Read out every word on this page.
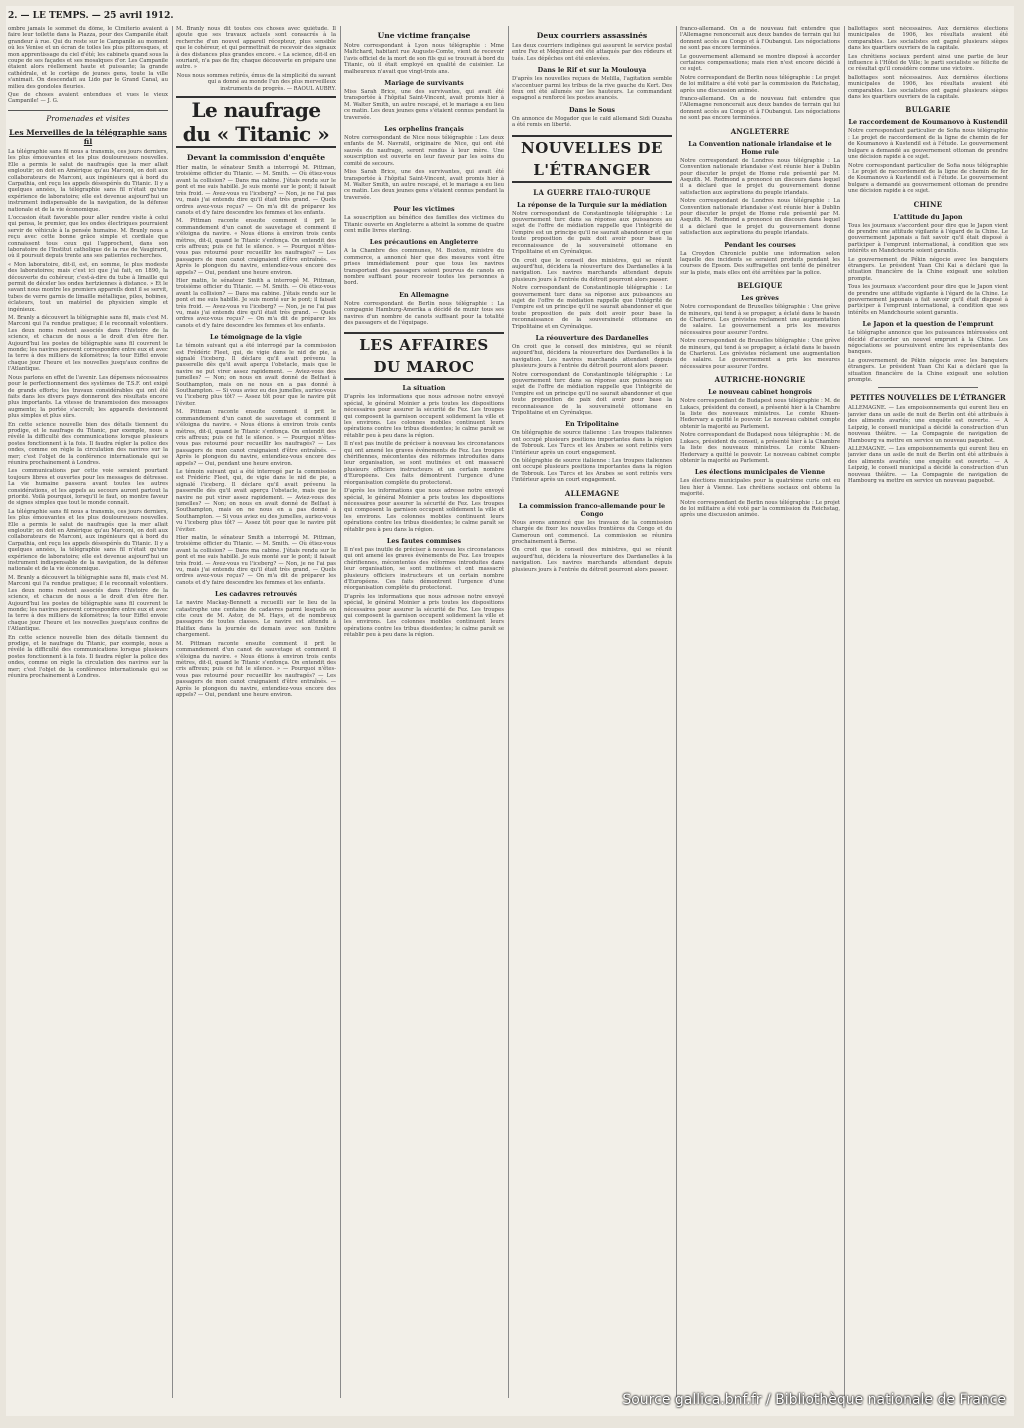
2. — LE TEMPS. — 25 avril 1912.

ombre jamais le sommet du dôme, le Cimiterio avaient à faire leur toilette dans la Piazza, pour des Campanile était grandeur à rue. Qui du reste sur le Campanile au moment où les Venise et un écran de toiles les plus pittoresques, et mon apprentissage du ciel d'été; les cabinets quand sous la coupe de ses façades et ses mosaïques d'or. Les Campanile étaient alors réellement haute et puissante; la grande cathédrale, et le cortège de jeunes gens, toute la ville s'animait. On descendait au Lido par le Grand Canal, au milieu des gondoles fleuries.

Que de choses avaient entendues et vues le vieux Campanile! — J. G.

Promenades et visites
Les Merveilles de la télégraphie sans fil

La télégraphie sans fil nous a transmis, ces jours derniers, les plus émouvantes et les plus douloureuses nouvelles. Elle a permis le salut de naufragés que la mer allait engloutir; on doit en Amérique qu'au Marconi, on doit aux collaborateurs de Marconi, aux ingénieurs qui à bord du Carpathia, ont reçu les appels désespérés du Titanic. Il y a quelques années, la télégraphie sans fil n'était qu'une expérience de laboratoire; elle est devenue aujourd'hui un instrument indispensable de la navigation, de la défense nationale et de la vie économique.

L'occasion était favorable pour aller rendre visite à celui qui pensa, le premier, que les ondes électriques pourraient servir de véhicule à la pensée humaine. M. Branly nous a reçu avec cette bonne grâce simple et cordiale que connaissent tous ceux qui l'approchent, dans son laboratoire de l'Institut catholique de la rue de Vaugirard, où il poursuit depuis trente ans ses patientes recherches.

« Mon laboratoire, dit-il, est, en somme, le plus modeste des laboratoires; mais c'est ici que j'ai fait, en 1890, la découverte du cohéreur, c'est-à-dire du tube à limaille qui permit de déceler les ondes hertziennes à distance. » Et le savant nous montre les premiers appareils dont il se servit, tubes de verre garnis de limaille métallique, piles, bobines, éclateurs, tout un matériel de physicien simple et ingénieux.

M. Branly a découvert la télégraphie sans fil, mais c'est M. Marconi qui l'a rendue pratique; il le reconnaît volontiers. Les deux noms restent associés dans l'histoire de la science, et chacun de nous a le droit d'en être fier. Aujourd'hui les postes de télégraphie sans fil couvrent le monde; les navires peuvent correspondre entre eux et avec la terre à des milliers de kilomètres; la tour Eiffel envoie chaque jour l'heure et les nouvelles jusqu'aux confins de l'Atlantique.

Nous parlons en effet de l'avenir. Les dépenses nécessaires pour le perfectionnement des systèmes de T.S.F. ont exigé de grands efforts; les travaux considérables qui ont été faits dans les divers pays donneront des résultats encore plus importants. La vitesse de transmission des messages augmente; la portée s'accroît; les appareils deviennent plus simples et plus sûrs.

En cette science nouvelle bien des détails tiennent du prodige, et le naufrage du Titanic, par exemple, nous a révélé la difficulté des communications lorsque plusieurs postes fonctionnent à la fois. Il faudra régler la police des ondes, comme on règle la circulation des navires sur la mer; c'est l'objet de la conférence internationale qui se réunira prochainement à Londres.

Les communications par cette voie seraient pourtant toujours libres et ouvertes pour les messages de détresse. La vie humaine passera avant toutes les autres considérations, et les appels au secours auront partout la priorité. Voilà pourquoi, lorsqu'il le faut, on montre faveur de signes simples que tout le monde connaît.

La télégraphie sans fil nous a transmis, ces jours derniers, les plus émouvantes et les plus douloureuses nouvelles. Elle a permis le salut de naufragés que la mer allait engloutir; on doit en Amérique qu'au Marconi, on doit aux collaborateurs de Marconi, aux ingénieurs qui à bord du Carpathia, ont reçu les appels désespérés du Titanic. Il y a quelques années, la télégraphie sans fil n'était qu'une expérience de laboratoire; elle est devenue aujourd'hui un instrument indispensable de la navigation, de la défense nationale et de la vie économique.

M. Branly a découvert la télégraphie sans fil, mais c'est M. Marconi qui l'a rendue pratique; il le reconnaît volontiers. Les deux noms restent associés dans l'histoire de la science, et chacun de nous a le droit d'en être fier. Aujourd'hui les postes de télégraphie sans fil couvrent le monde; les navires peuvent correspondre entre eux et avec la terre à des milliers de kilomètres; la tour Eiffel envoie chaque jour l'heure et les nouvelles jusqu'aux confins de l'Atlantique.

En cette science nouvelle bien des détails tiennent du prodige, et le naufrage du Titanic, par exemple, nous a révélé la difficulté des communications lorsque plusieurs postes fonctionnent à la fois. Il faudra régler la police des ondes, comme on règle la circulation des navires sur la mer; c'est l'objet de la conférence internationale qui se réunira prochainement à Londres.

M. Branly nous dit toutes ces choses avec quiétude. Il ajoute que ses travaux actuels sont consacrés à la recherche d'un nouvel appareil récepteur, plus sensible que le cohéreur, et qui permettrait de recevoir des signaux à des distances plus grandes encore. « La science, dit-il en souriant, n'a pas de fin; chaque découverte en prépare une autre. »

Nous nous sommes retirés, émus de la simplicité du savant qui a donné au monde l'un des plus merveilleux instruments de progrès. — RAOUL AUBRY.

Le naufrage du « Titanic »
Devant la commission d'enquête

Hier matin, le sénateur Smith a interrogé M. Pittman, troisième officier du Titanic. — M. Smith. — Où étiez-vous avant la collision? — Dans ma cabine. J'étais rendu sur le pont et me suis habillé. Je suis monté sur le pont; il faisait très froid. — Avez-vous vu l'iceberg? — Non, je ne l'ai pas vu, mais j'ai entendu dire qu'il était très grand. — Quels ordres avez-vous reçus? — On m'a dit de préparer les canots et d'y faire descendre les femmes et les enfants.

M. Pittman raconte ensuite comment il prit le commandement d'un canot de sauvetage et comment il s'éloigna du navire. « Nous étions à environ trois cents mètres, dit-il, quand le Titanic s'enfonça. On entendit des cris affreux; puis ce fut le silence. » — Pourquoi n'êtes-vous pas retourné pour recueillir les naufragés? — Les passagers de mon canot craignaient d'être entraînés. — Après le plongeon du navire, entendiez-vous encore des appels? — Oui, pendant une heure environ.

Hier matin, le sénateur Smith a interrogé M. Pittman, troisième officier du Titanic. — M. Smith. — Où étiez-vous avant la collision? — Dans ma cabine. J'étais rendu sur le pont et me suis habillé. Je suis monté sur le pont; il faisait très froid. — Avez-vous vu l'iceberg? — Non, je ne l'ai pas vu, mais j'ai entendu dire qu'il était très grand. — Quels ordres avez-vous reçus? — On m'a dit de préparer les canots et d'y faire descendre les femmes et les enfants.

Le témoignage de la vigie

Le témoin suivant qui a été interrogé par la commission est Frédéric Fleet, qui, de vigie dans le nid de pie, a signalé l'iceberg. Il déclare qu'il avait prévenu la passerelle dès qu'il avait aperçu l'obstacle, mais que le navire ne put virer assez rapidement. — Aviez-vous des jumelles? — Non; on nous en avait donné de Belfast à Southampton, mais on ne nous en a pas donné à Southampton. — Si vous aviez eu des jumelles, auriez-vous vu l'iceberg plus tôt? — Assez tôt pour que le navire pût l'éviter.

M. Pittman raconte ensuite comment il prit le commandement d'un canot de sauvetage et comment il s'éloigna du navire. « Nous étions à environ trois cents mètres, dit-il, quand le Titanic s'enfonça. On entendit des cris affreux; puis ce fut le silence. » — Pourquoi n'êtes-vous pas retourné pour recueillir les naufragés? — Les passagers de mon canot craignaient d'être entraînés. — Après le plongeon du navire, entendiez-vous encore des appels? — Oui, pendant une heure environ.

Le témoin suivant qui a été interrogé par la commission est Frédéric Fleet, qui, de vigie dans le nid de pie, a signalé l'iceberg. Il déclare qu'il avait prévenu la passerelle dès qu'il avait aperçu l'obstacle, mais que le navire ne put virer assez rapidement. — Aviez-vous des jumelles? — Non; on nous en avait donné de Belfast à Southampton, mais on ne nous en a pas donné à Southampton. — Si vous aviez eu des jumelles, auriez-vous vu l'iceberg plus tôt? — Assez tôt pour que le navire pût l'éviter.

Hier matin, le sénateur Smith a interrogé M. Pittman, troisième officier du Titanic. — M. Smith. — Où étiez-vous avant la collision? — Dans ma cabine. J'étais rendu sur le pont et me suis habillé. Je suis monté sur le pont; il faisait très froid. — Avez-vous vu l'iceberg? — Non, je ne l'ai pas vu, mais j'ai entendu dire qu'il était très grand. — Quels ordres avez-vous reçus? — On m'a dit de préparer les canots et d'y faire descendre les femmes et les enfants.

Les cadavres retrouvés

Le navire Mackay-Bennett a recueilli sur le lieu de la catastrophe une centaine de cadavres parmi lesquels on cite ceux de M. Astor, de M. Hays, et de nombreux passagers de toutes classes. Le navire est attendu à Halifax dans la journée de demain avec son funèbre chargement.

M. Pittman raconte ensuite comment il prit le commandement d'un canot de sauvetage et comment il s'éloigna du navire. « Nous étions à environ trois cents mètres, dit-il, quand le Titanic s'enfonça. On entendit des cris affreux; puis ce fut le silence. » — Pourquoi n'êtes-vous pas retourné pour recueillir les naufragés? — Les passagers de mon canot craignaient d'être entraînés. — Après le plongeon du navire, entendiez-vous encore des appels? — Oui, pendant une heure environ.

Une victime française

Notre correspondant à Lyon nous télégraphie : Mme Maltchard, habitant rue Auguste-Comte, vient de recevoir l'avis officiel de la mort de son fils qui se trouvait à bord du Titanic, où il était employé en qualité de cuisinier. Le malheureux n'avait que vingt-trois ans.

Mariage de survivants

Miss Sarah Brice, une des survivantes, qui avait été transportée à l'hôpital Saint-Vincent, avait promis hier à M. Walter Smith, un autre rescapé, et le mariage a eu lieu ce matin. Les deux jeunes gens s'étaient connus pendant la traversée.

Les orphelins français

Notre correspondant de Nice nous télégraphie : Les deux enfants de M. Navratil, originaire de Nice, qui ont été sauvés du naufrage, seront rendus à leur mère. Une souscription est ouverte en leur faveur par les soins du comité de secours.

Miss Sarah Brice, une des survivantes, qui avait été transportée à l'hôpital Saint-Vincent, avait promis hier à M. Walter Smith, un autre rescapé, et le mariage a eu lieu ce matin. Les deux jeunes gens s'étaient connus pendant la traversée.

Pour les victimes

La souscription au bénéfice des familles des victimes du Titanic ouverte en Angleterre a atteint la somme de quatre cent mille livres sterling.

Les précautions en Angleterre

A la Chambre des communes, M. Buxton, ministre du commerce, a annoncé hier que des mesures vont être prises immédiatement pour que tous les navires transportant des passagers soient pourvus de canots en nombre suffisant pour recevoir toutes les personnes à bord.

En Allemagne

Notre correspondant de Berlin nous télégraphie : La compagnie Hamburg-Amerika a décidé de munir tous ses navires d'un nombre de canots suffisant pour la totalité des passagers et de l'équipage.

LES AFFAIRES DU MAROC
La situation

D'après les informations que nous adresse notre envoyé spécial, le général Moinier a pris toutes les dispositions nécessaires pour assurer la sécurité de Fez. Les troupes qui composent la garnison occupent solidement la ville et les environs. Les colonnes mobiles continuent leurs opérations contre les tribus dissidentes; le calme paraît se rétablir peu à peu dans la région.

Il n'est pas inutile de préciser à nouveau les circonstances qui ont amené les graves événements de Fez. Les troupes chérifiennes, mécontentes des réformes introduites dans leur organisation, se sont mutinées et ont massacré plusieurs officiers instructeurs et un certain nombre d'Européens. Ces faits démontrent l'urgence d'une réorganisation complète du protectorat.

D'après les informations que nous adresse notre envoyé spécial, le général Moinier a pris toutes les dispositions nécessaires pour assurer la sécurité de Fez. Les troupes qui composent la garnison occupent solidement la ville et les environs. Les colonnes mobiles continuent leurs opérations contre les tribus dissidentes; le calme paraît se rétablir peu à peu dans la région.

Les fautes commises

Il n'est pas inutile de préciser à nouveau les circonstances qui ont amené les graves événements de Fez. Les troupes chérifiennes, mécontentes des réformes introduites dans leur organisation, se sont mutinées et ont massacré plusieurs officiers instructeurs et un certain nombre d'Européens. Ces faits démontrent l'urgence d'une réorganisation complète du protectorat.

D'après les informations que nous adresse notre envoyé spécial, le général Moinier a pris toutes les dispositions nécessaires pour assurer la sécurité de Fez. Les troupes qui composent la garnison occupent solidement la ville et les environs. Les colonnes mobiles continuent leurs opérations contre les tribus dissidentes; le calme paraît se rétablir peu à peu dans la région.

Deux courriers assassinés

Les deux courriers indigènes qui assurent le service postal entre Fez et Méquinez ont été attaqués par des rôdeurs et tués. Les dépêches ont été enlevées.

Dans le Rif et sur la Moulouya

D'après les nouvelles reçues de Melilla, l'agitation semble s'accentuer parmi les tribus de la rive gauche du Kert. Des feux ont été allumés sur les hauteurs. Le commandant espagnol a renforcé les postes avancés.

Dans le Sous

On annonce de Mogador que le caïd allemand Sidi Ouzaha a été remis en liberté.

NOUVELLES DE L'ÉTRANGER
LA GUERRE ITALO-TURQUE
La réponse de la Turquie sur la médiation

Notre correspondant de Constantinople télégraphie : Le gouvernement turc dans sa réponse aux puissances au sujet de l'offre de médiation rappelle que l'intégrité de l'empire est un principe qu'il ne saurait abandonner et que toute proposition de paix doit avoir pour base la reconnaissance de la souveraineté ottomane en Tripolitaine et en Cyrénaïque.

On croit que le conseil des ministres, qui se réunit aujourd'hui, décidera la réouverture des Dardanelles à la navigation. Les navires marchands attendant depuis plusieurs jours à l'entrée du détroit pourront alors passer.

Notre correspondant de Constantinople télégraphie : Le gouvernement turc dans sa réponse aux puissances au sujet de l'offre de médiation rappelle que l'intégrité de l'empire est un principe qu'il ne saurait abandonner et que toute proposition de paix doit avoir pour base la reconnaissance de la souveraineté ottomane en Tripolitaine et en Cyrénaïque.

La réouverture des Dardanelles

On croit que le conseil des ministres, qui se réunit aujourd'hui, décidera la réouverture des Dardanelles à la navigation. Les navires marchands attendant depuis plusieurs jours à l'entrée du détroit pourront alors passer.

Notre correspondant de Constantinople télégraphie : Le gouvernement turc dans sa réponse aux puissances au sujet de l'offre de médiation rappelle que l'intégrité de l'empire est un principe qu'il ne saurait abandonner et que toute proposition de paix doit avoir pour base la reconnaissance de la souveraineté ottomane en Tripolitaine et en Cyrénaïque.

En Tripolitaine

On télégraphie de source italienne : Les troupes italiennes ont occupé plusieurs positions importantes dans la région de Tobrouk. Les Turcs et les Arabes se sont retirés vers l'intérieur après un court engagement.

On télégraphie de source italienne : Les troupes italiennes ont occupé plusieurs positions importantes dans la région de Tobrouk. Les Turcs et les Arabes se sont retirés vers l'intérieur après un court engagement.

ALLEMAGNE
La commission franco-allemande pour le Congo

Nous avons annoncé que les travaux de la commission chargée de fixer les nouvelles frontières du Congo et du Cameroun ont commencé. La commission se réunira prochainement à Berne.

On croit que le conseil des ministres, qui se réunit aujourd'hui, décidera la réouverture des Dardanelles à la navigation. Les navires marchands attendant depuis plusieurs jours à l'entrée du détroit pourront alors passer.

franco-allemand. On a de nouveau fait entendre que l'Allemagne renoncerait aux deux bandes de terrain qui lui donnent accès au Congo et à l'Oubangui. Les négociations ne sont pas encore terminées.

Le gouvernement allemand se montre disposé à accorder certaines compensations; mais rien n'est encore décidé à ce sujet.

Notre correspondant de Berlin nous télégraphie : Le projet de loi militaire a été voté par la commission du Reichstag, après une discussion animée.

franco-allemand. On a de nouveau fait entendre que l'Allemagne renoncerait aux deux bandes de terrain qui lui donnent accès au Congo et à l'Oubangui. Les négociations ne sont pas encore terminées.

ANGLETERRE
La Convention nationale irlandaise et le Home rule

Notre correspondant de Londres nous télégraphie : La Convention nationale irlandaise s'est réunie hier à Dublin pour discuter le projet de Home rule présenté par M. Asquith. M. Redmond a prononcé un discours dans lequel il a déclaré que le projet du gouvernement donne satisfaction aux aspirations du peuple irlandais.

Notre correspondant de Londres nous télégraphie : La Convention nationale irlandaise s'est réunie hier à Dublin pour discuter le projet de Home rule présenté par M. Asquith. M. Redmond a prononcé un discours dans lequel il a déclaré que le projet du gouvernement donne satisfaction aux aspirations du peuple irlandais.

Pendant les courses

La Croydon Chronicle publie une information selon laquelle des incidents se seraient produits pendant les courses de Epsom. Des suffragettes ont tenté de pénétrer sur la piste, mais elles ont été arrêtées par la police.

BELGIQUE
Les grèves

Notre correspondant de Bruxelles télégraphie : Une grève de mineurs, qui tend à se propager, a éclaté dans le bassin de Charleroi. Les grévistes réclament une augmentation de salaire. Le gouvernement a pris les mesures nécessaires pour assurer l'ordre.

Notre correspondant de Bruxelles télégraphie : Une grève de mineurs, qui tend à se propager, a éclaté dans le bassin de Charleroi. Les grévistes réclament une augmentation de salaire. Le gouvernement a pris les mesures nécessaires pour assurer l'ordre.

AUTRICHE-HONGRIE
Le nouveau cabinet hongrois

Notre correspondant de Budapest nous télégraphie : M. de Lukacs, président du conseil, a présenté hier à la Chambre la liste des nouveaux ministres. Le comte Khuen-Hedervary a quitté le pouvoir. Le nouveau cabinet compte obtenir la majorité au Parlement.

Notre correspondant de Budapest nous télégraphie : M. de Lukacs, président du conseil, a présenté hier à la Chambre la liste des nouveaux ministres. Le comte Khuen-Hedervary a quitté le pouvoir. Le nouveau cabinet compte obtenir la majorité au Parlement.

Les élections municipales de Vienne

Les élections municipales pour la quatrième curie ont eu lieu hier à Vienne. Les chrétiens sociaux ont obtenu la majorité.

Notre correspondant de Berlin nous télégraphie : Le projet de loi militaire a été voté par la commission du Reichstag, après une discussion animée.

ballottages sont nécessaires. Aux dernières élections municipales de 1906, les résultats avaient été comparables. Les socialistes ont gagné plusieurs sièges dans les quartiers ouvriers de la capitale.

Les chrétiens sociaux perdent ainsi une partie de leur influence à l'Hôtel de Ville; le parti socialiste se félicite de ce résultat qu'il considère comme une victoire.

ballottages sont nécessaires. Aux dernières élections municipales de 1906, les résultats avaient été comparables. Les socialistes ont gagné plusieurs sièges dans les quartiers ouvriers de la capitale.

BULGARIE
Le raccordement de Koumanovo à Kustendil

Notre correspondant particulier de Sofia nous télégraphie : Le projet de raccordement de la ligne de chemin de fer de Koumanovo à Kustendil est à l'étude. Le gouvernement bulgare a demandé au gouvernement ottoman de prendre une décision rapide à ce sujet.

Notre correspondant particulier de Sofia nous télégraphie : Le projet de raccordement de la ligne de chemin de fer de Koumanovo à Kustendil est à l'étude. Le gouvernement bulgare a demandé au gouvernement ottoman de prendre une décision rapide à ce sujet.

CHINE
L'attitude du Japon

Tous les journaux s'accordent pour dire que le Japon vient de prendre une attitude vigilante à l'égard de la Chine. Le gouvernement japonais a fait savoir qu'il était disposé à participer à l'emprunt international, à condition que ses intérêts en Mandchourie soient garantis.

Le gouvernement de Pékin négocie avec les banquiers étrangers. Le président Yuan Chi Kai a déclaré que la situation financière de la Chine exigeait une solution prompte.

Tous les journaux s'accordent pour dire que le Japon vient de prendre une attitude vigilante à l'égard de la Chine. Le gouvernement japonais a fait savoir qu'il était disposé à participer à l'emprunt international, à condition que ses intérêts en Mandchourie soient garantis.

Le Japon et la question de l'emprunt

Le télégraphe annonce que les puissances intéressées ont décidé d'accorder un nouvel emprunt à la Chine. Les négociations se poursuivent entre les représentants des banques.

Le gouvernement de Pékin négocie avec les banquiers étrangers. Le président Yuan Chi Kai a déclaré que la situation financière de la Chine exigeait une solution prompte.

PETITES NOUVELLES DE L'ÉTRANGER

ALLEMAGNE. — Les empoisonnements qui eurent lieu en janvier dans un asile de nuit de Berlin ont été attribués à des aliments avariés; une enquête est ouverte. — A Leipzig, le conseil municipal a décidé la construction d'un nouveau théâtre. — La Compagnie de navigation de Hambourg va mettre en service un nouveau paquebot.

ALLEMAGNE. — Les empoisonnements qui eurent lieu en janvier dans un asile de nuit de Berlin ont été attribués à des aliments avariés; une enquête est ouverte. — A Leipzig, le conseil municipal a décidé la construction d'un nouveau théâtre. — La Compagnie de navigation de Hambourg va mettre en service un nouveau paquebot.

Source gallica.bnf.fr / Bibliothèque nationale de France
